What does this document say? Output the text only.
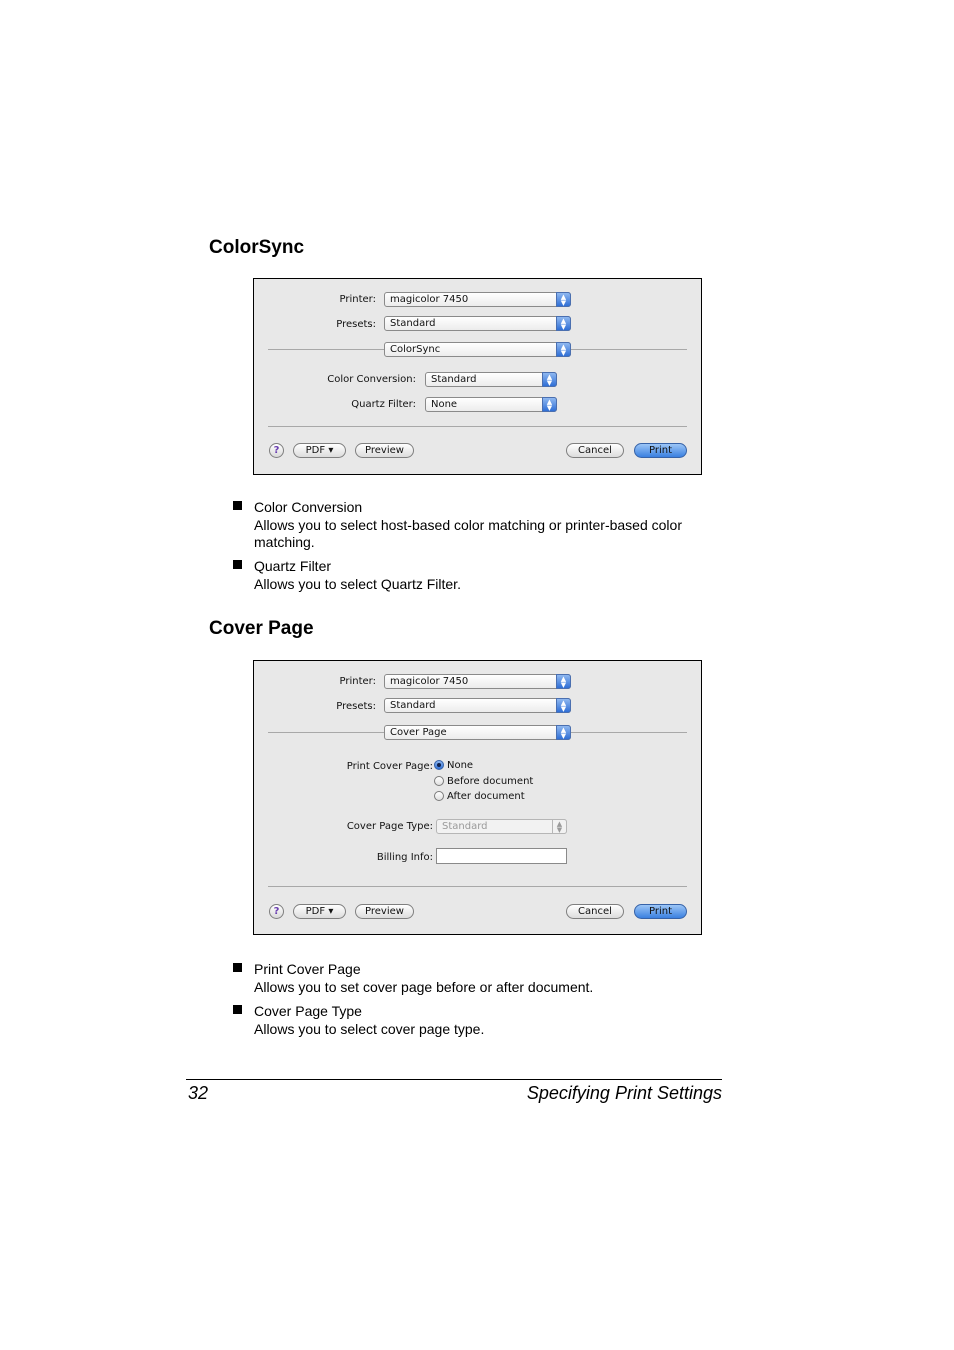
ColorSync
Printer:	magicolor 7450	▲
▼
Presets:	Standard	▲
▼
ColorSync	▲
▼
Color Conversion:	Standard	▲
▼
Quartz Filter:	None	▲
▼
?	PDF ▾	Preview	Cancel	Print
Color Conversion
Allows you to select host-based color matching or printer-based color
matching.
Quartz Filter
Allows you to select Quartz Filter.
Cover Page
Printer:	magicolor 7450	▲
▼
Presets:	Standard	▲
▼
Cover Page	▲
▼
Print Cover Page:	None
Before document
After document
Cover Page Type: Standard	▲
▼
Billing Info:
?	PDF ▾	Preview	Cancel	Print
Print Cover Page
Allows you to set cover page before or after document.
Cover Page Type
Allows you to select cover page type.
32	Specifying Print Settings
